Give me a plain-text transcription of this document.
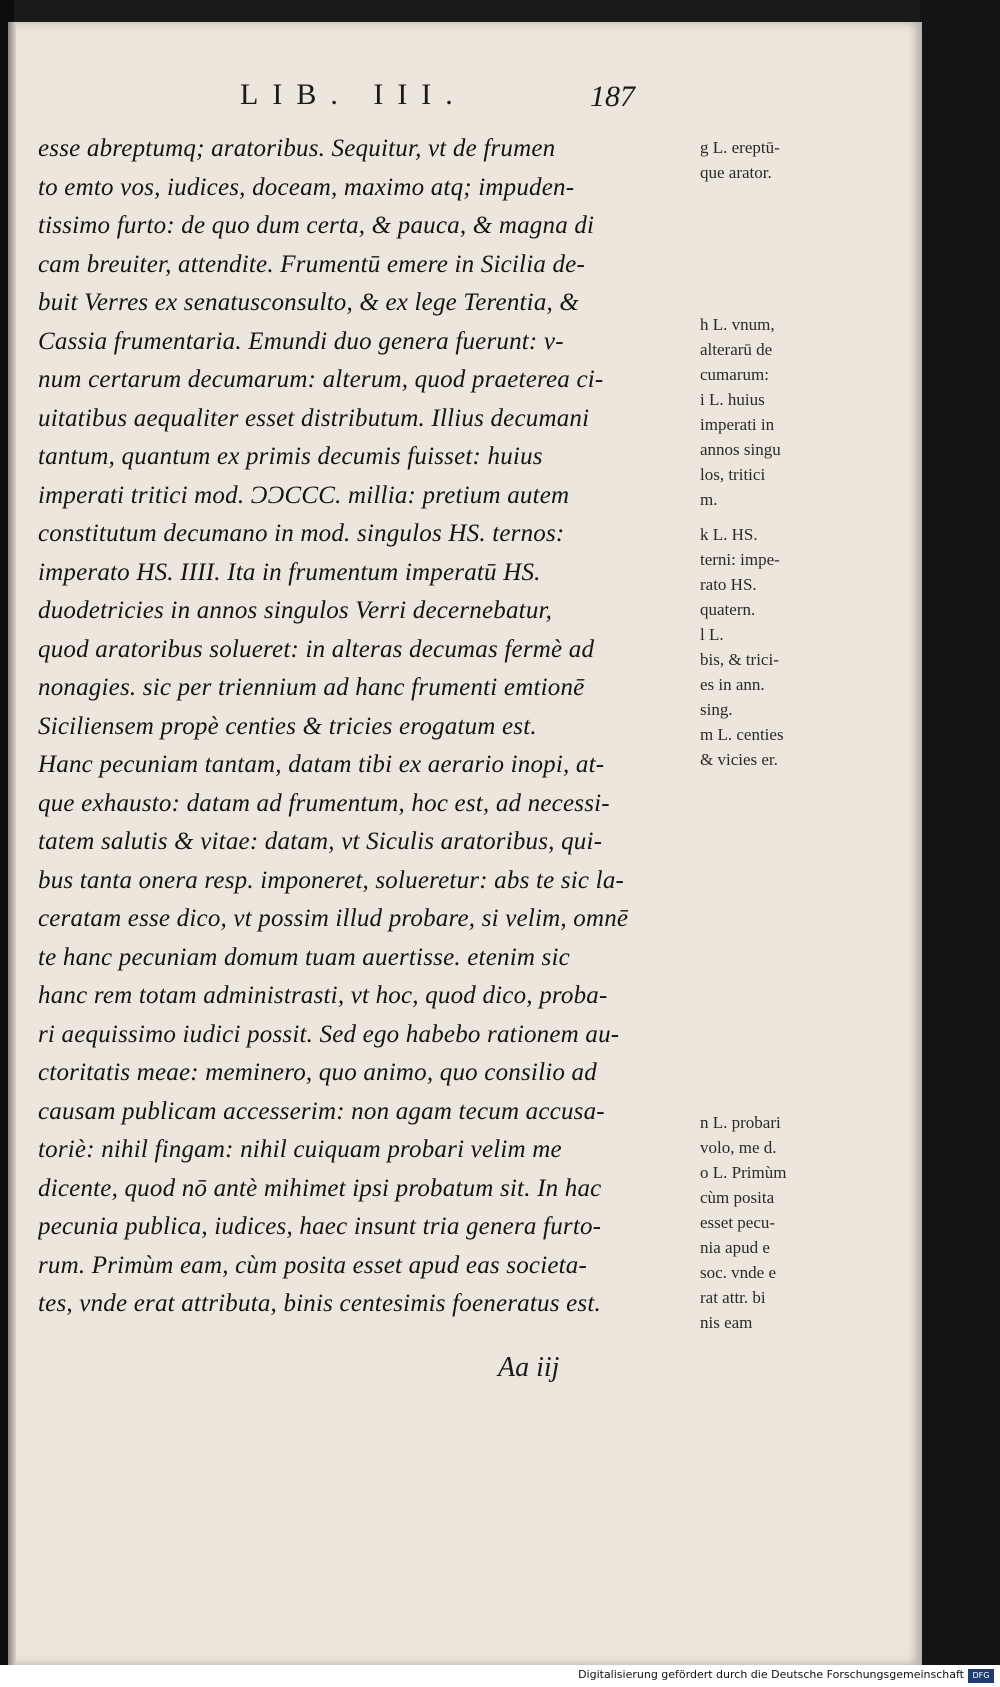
LIB. III.	187
esse abreptumq; aratoribus. Sequitur, vt de frumen
to emto vos, iudices, doceam, maximo atq; impuden-
tissimo furto: de quo dum certa, & pauca, & magna di
cam breuiter, attendite. Frumentū emere in Sicilia de-
buit Verres ex senatusconsulto, & ex lege Terentia, &
Cassia frumentaria. Emundi duo genera fuerunt: v-
num certarum decumarum: alterum, quod praeterea ci-
uitatibus aequaliter esset distributum. Illius decumani
tantum, quantum ex primis decumis fuisset: huius
imperati tritici mod. ƆƆCCC. millia: pretium autem
constitutum decumano in mod. singulos HS. ternos:
imperato HS. IIII. Ita in frumentum imperatū HS.
duodetricies in annos singulos Verri decernebatur,
quod aratoribus solueret: in alteras decumas fermè ad
nonagies. sic per triennium ad hanc frumenti emtionē
Siciliensem propè centies & tricies erogatum est.
Hanc pecuniam tantam, datam tibi ex aerario inopi, at-
que exhausto: datam ad frumentum, hoc est, ad necessi-
tatem salutis & vitae: datam, vt Siculis aratoribus, qui-
bus tanta onera resp. imponeret, solueretur: abs te sic la-
ceratam esse dico, vt possim illud probare, si velim, omnē
te hanc pecuniam domum tuam auertisse. etenim sic
hanc rem totam administrasti, vt hoc, quod dico, proba-
ri aequissimo iudici possit. Sed ego habebo rationem au-
ctoritatis meae: meminero, quo animo, quo consilio ad
causam publicam accesserim: non agam tecum accusa-
toriè: nihil fingam: nihil cuiquam probari velim me
dicente, quod nō antè mihimet ipsi probatum sit. In hac
pecunia publica, iudices, haec insunt tria genera furto-
rum. Primùm eam, cùm posita esset apud eas societa-
tes, vnde erat attributa, binis centesimis foeneratus est.
Aa iij
g L. ereptū-
que arator.
h L. vnum,
alterarū de
cumarum:
i L. huius
imperati in
annos singu
los, tritici
m.
k L. HS.
terni: impe-
rato HS.
quatern.
l L.
bis, & trici-
es in ann.
sing.
m L. centies
& vicies er.
n L. probari
volo, me d.
o L. Primùm
cùm posita
esset pecu-
nia apud e
soc. vnde e
rat attr. bi
nis eam
Digitalisierung gefördert durch die Deutsche Forschungsgemeinschaft	DFG
